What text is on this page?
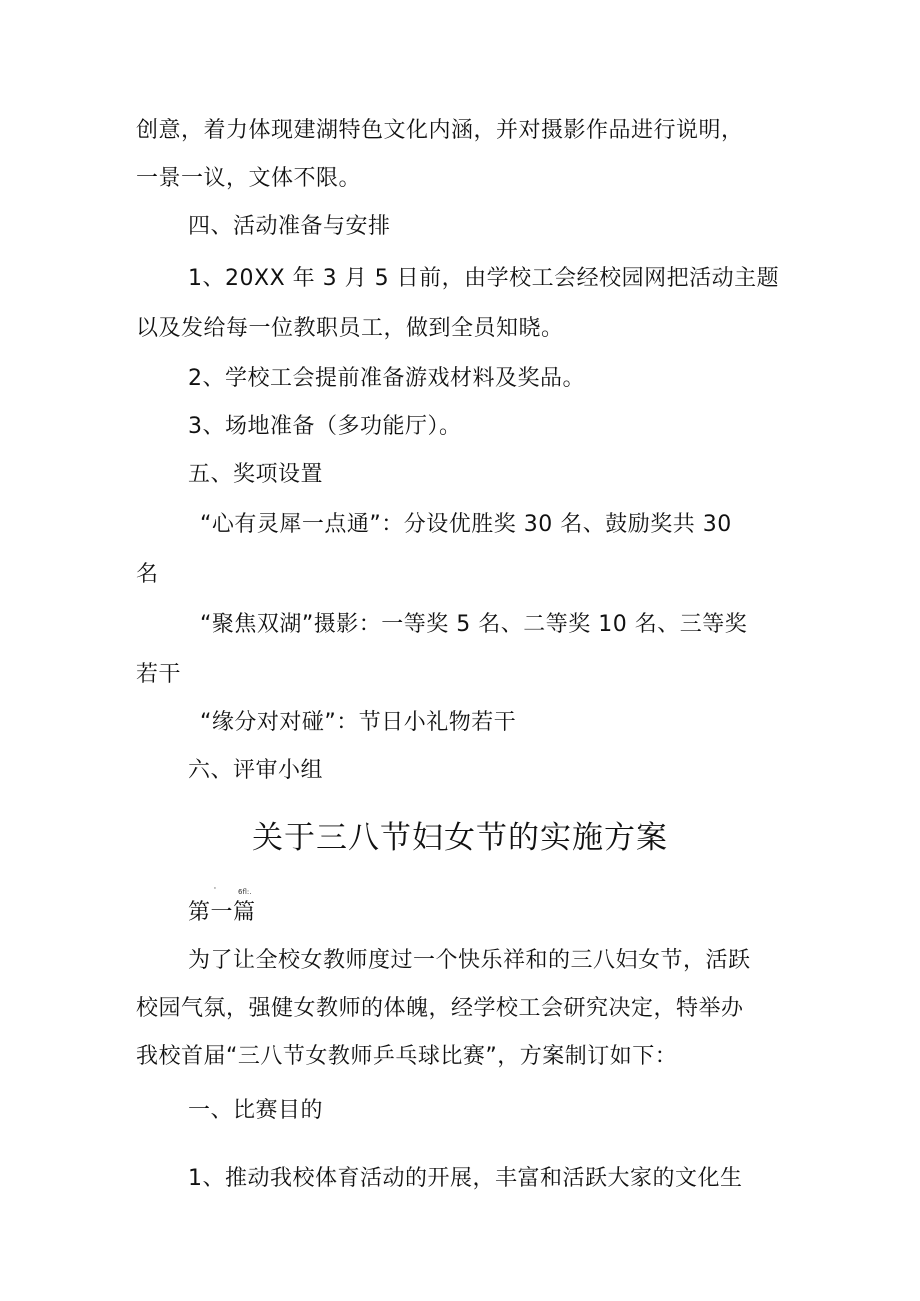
创意，着力体现建湖特色文化内涵，并对摄影作品进行说明，
一景一议，文体不限。
四、活动准备与安排
1、20XX 年 3 月 5 日前，由学校工会经校园网把活动主题
以及发给每一位教职员工，做到全员知晓。
2、学校工会提前准备游戏材料及奖品。
3、场地准备（多功能厅）。
五、奖项设置
“心有灵犀一点通”：分设优胜奖 30 名、鼓励奖共 30
名
“聚焦双湖”摄影：一等奖 5 名、二等奖 10 名、三等奖
若干
“缘分对对碰”：节日小礼物若干
六、评审小组
关于三八节妇女节的实施方案
'	6fl:.
第一篇
为了让全校女教师度过一个快乐祥和的三八妇女节，活跃
校园气氛，强健女教师的体魄，经学校工会研究决定，特举办
我校首届“三八节女教师乒乓球比赛”，方案制订如下：
一、比赛目的
1、推动我校体育活动的开展，丰富和活跃大家的文化生
